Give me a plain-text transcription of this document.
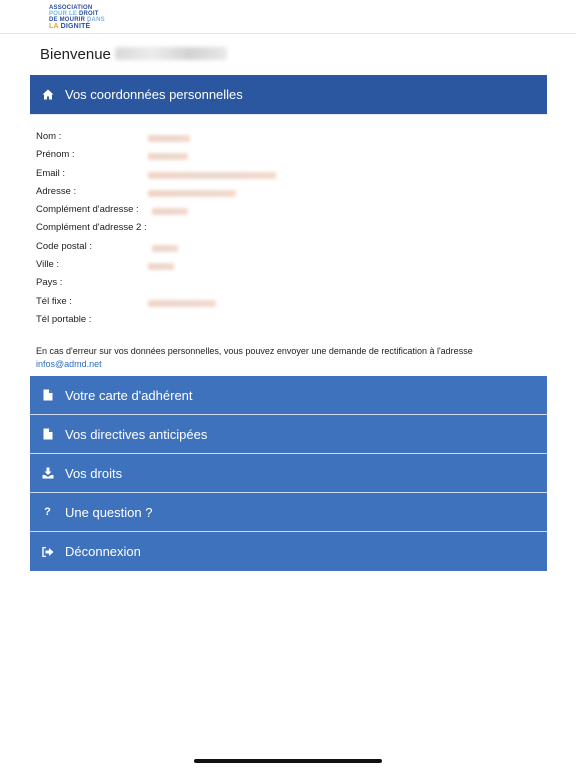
ASSOCIATION
POUR LE DROIT
DE MOURIR DANS
LA DIGNITÉ
Bienvenue
Vos coordonnées personnelles
Nom :
Prénom :
Email :
Adresse :
Complément d'adresse :
Complément d'adresse 2 :
Code postal :
Ville :
Pays :
Tél fixe :
Tél portable :
En cas d'erreur sur vos données personnelles, vous pouvez envoyer une demande de rectification à l'adresse
infos@admd.net
Votre carte d'adhérent
Vos directives anticipées
Vos droits
?	Une question ?
Déconnexion
